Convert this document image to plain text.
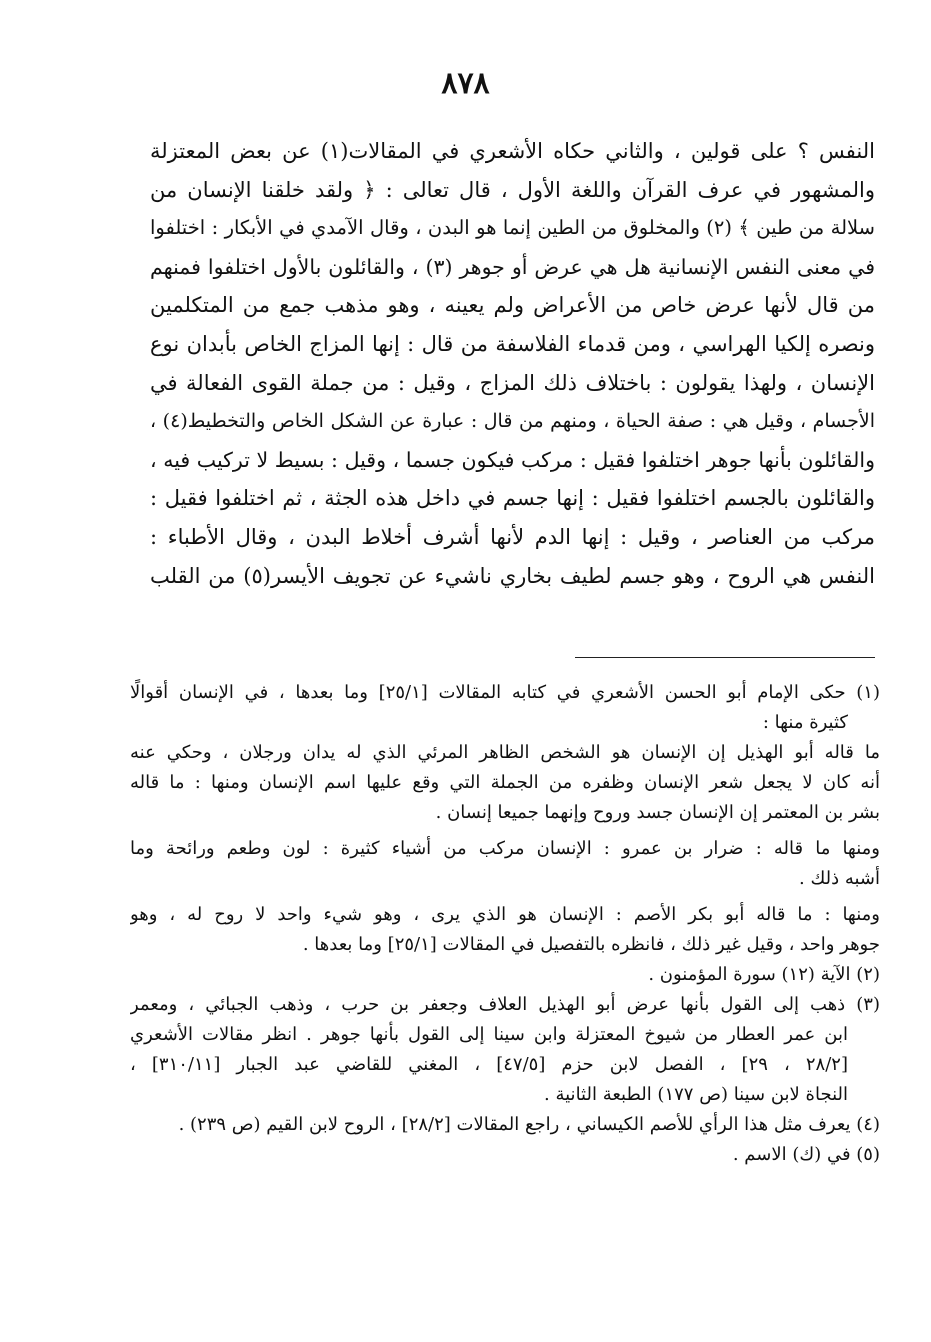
٨٧٨
النفس ؟ على قولين ، والثاني حكاه الأشعري في المقالات(١) عن بعض المعتزلة
والمشهور في عرف القرآن واللغة الأول ، قال تعالى : ﴿ ولقد خلقنا الإنسان من
سلالة من طين ﴾ (٢) والمخلوق من الطين إنما هو البدن ، وقال الآمدي في الأبكار : اختلفوا
في معنى النفس الإنسانية هل هي عرض أو جوهر (٣) ، والقائلون بالأول اختلفوا فمنهم
من قال لأنها عرض خاص من الأعراض ولم يعينه ، وهو مذهب جمع من المتكلمين
ونصره إلكيا الهراسي ، ومن قدماء الفلاسفة من قال : إنها المزاج الخاص بأبدان نوع
الإنسان ، ولهذا يقولون : باختلاف ذلك المزاج ، وقيل : من جملة القوى الفعالة في
الأجسام ، وقيل هي : صفة الحياة ، ومنهم من قال : عبارة عن الشكل الخاص والتخطيط(٤) ،
والقائلون بأنها جوهر اختلفوا فقيل : مركب فيكون جسما ، وقيل : بسيط لا تركيب فيه ،
والقائلون بالجسم اختلفوا فقيل : إنها جسم في داخل هذه الجثة ، ثم اختلفوا فقيل :
مركب من العناصر ، وقيل : إنها الدم لأنها أشرف أخلاط البدن ، وقال الأطباء :
النفس هي الروح ، وهو جسم لطيف بخاري ناشيء عن تجويف الأيسر(٥) من القلب
(١) حكى الإمام أبو الحسن الأشعري في كتابه المقالات [٢٥/١] وما بعدها ، في الإنسان أقوالًا
كثيرة منها :
ما قاله أبو الهذيل إن الإنسان هو الشخص الظاهر المرئي الذي له يدان ورجلان ، وحكي عنه
أنه كان لا يجعل شعر الإنسان وظفره من الجملة التي وقع عليها اسم الإنسان ومنها : ما قاله
بشر بن المعتمر إن الإنسان جسد وروح وإنهما جميعا إنسان .
ومنها ما قاله : ضرار بن عمرو : الإنسان مركب من أشياء كثيرة : لون وطعم ورائحة وما
أشبه ذلك .
ومنها : ما قاله أبو بكر الأصم : الإنسان هو الذي يرى ، وهو شيء واحد لا روح له ، وهو
جوهر واحد ، وقيل غير ذلك ، فانظره بالتفصيل في المقالات [٢٥/١] وما بعدها .
(٢) الآية (١٢) سورة المؤمنون .
(٣) ذهب إلى القول بأنها عرض أبو الهذيل العلاف وجعفر بن حرب ، وذهب الجبائي ، ومعمر
ابن عمر العطار من شيوخ المعتزلة وابن سينا إلى القول بأنها جوهر . انظر مقالات الأشعري
[٢٨/٢ ، ٢٩] ، الفصل لابن حزم [٤٧/٥] ، المغني للقاضي عبد الجبار [٣١٠/١١] ،
النجاة لابن سينا (ص ١٧٧) الطبعة الثانية .
(٤) يعرف مثل هذا الرأي للأصم الكيساني ، راجع المقالات [٢٨/٢] ، الروح لابن القيم (ص ٢٣٩) .
(٥) في (ك) الاسم .
